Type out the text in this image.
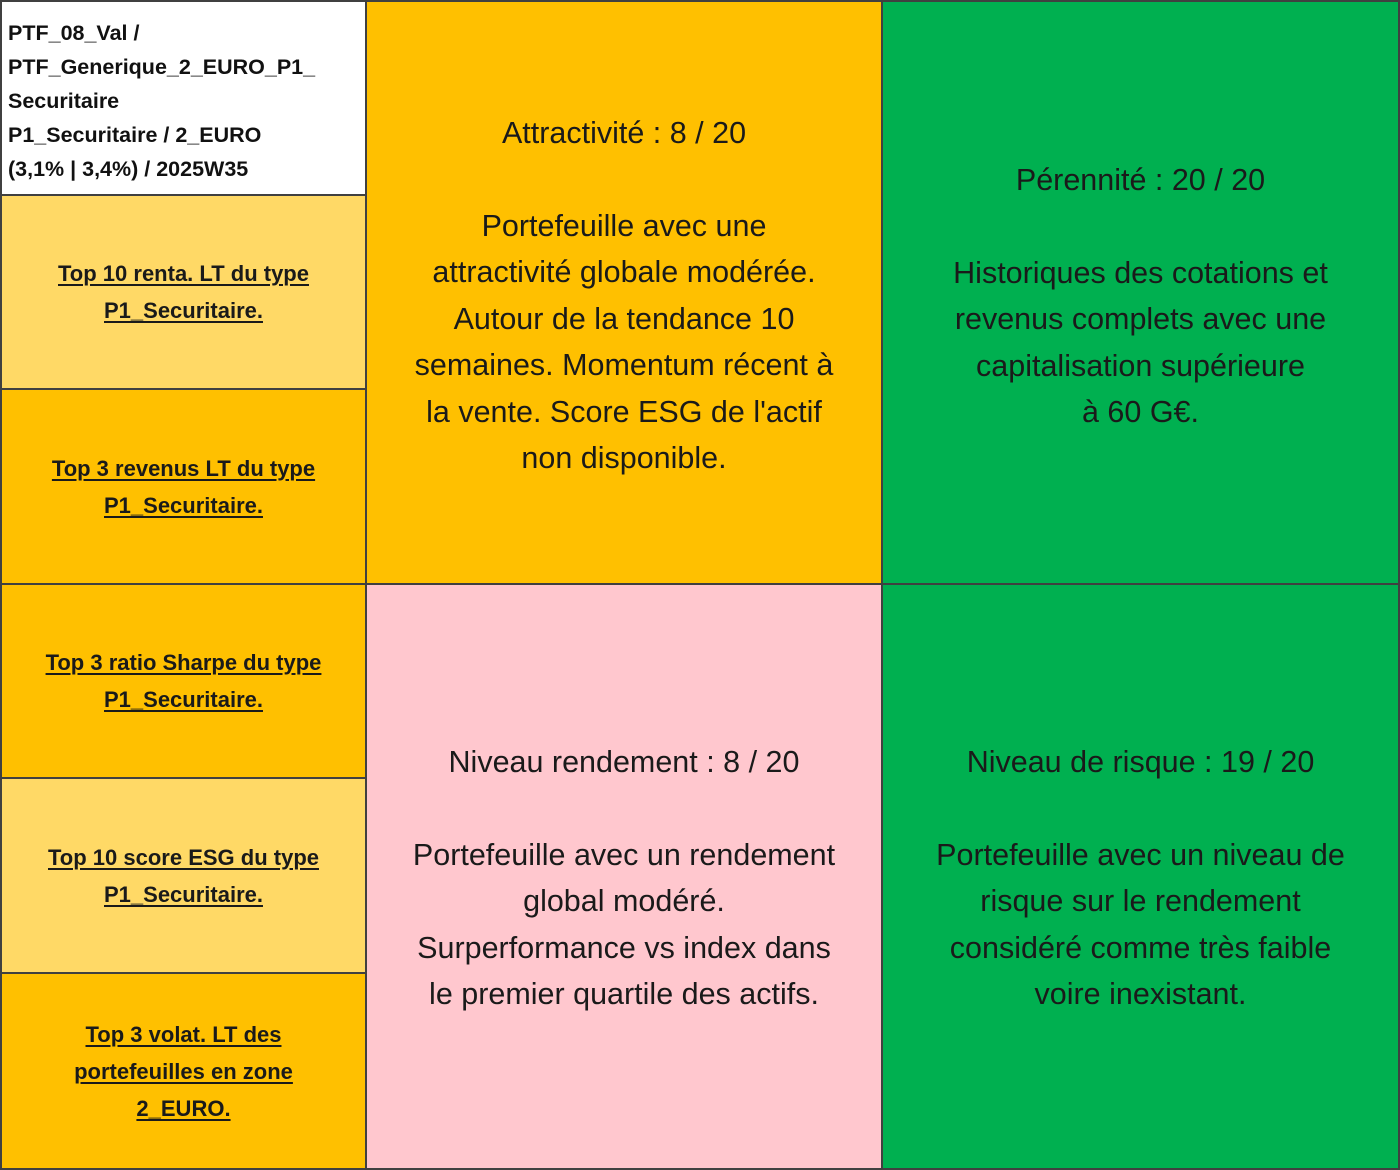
PTF_08_Val /
PTF_Generique_2_EURO_P1_
Securitaire
P1_Securitaire / 2_EURO
(3,1% | 3,4%) / 2025W35
Top 10 renta. LT du type
P1_Securitaire.
Top 3 revenus LT du type
P1_Securitaire.
Top 3 ratio Sharpe du type
P1_Securitaire.
Top 10 score ESG du type
P1_Securitaire.
Top 3 volat. LT des
portefeuilles en zone
2_EURO.
Attractivité : 8 / 20
Portefeuille avec une
attractivité globale modérée.
Autour de la tendance 10
semaines. Momentum récent à
la vente. Score ESG de l'actif
non disponible.
Pérennité : 20 / 20
Historiques des cotations et
revenus complets avec une
capitalisation supérieure
à 60 G€.
Niveau rendement : 8 / 20
Portefeuille avec un rendement
global modéré.
Surperformance vs index dans
le premier quartile des actifs.
Niveau de risque : 19 / 20
Portefeuille avec un niveau de
risque sur le rendement
considéré comme très faible
voire inexistant.
